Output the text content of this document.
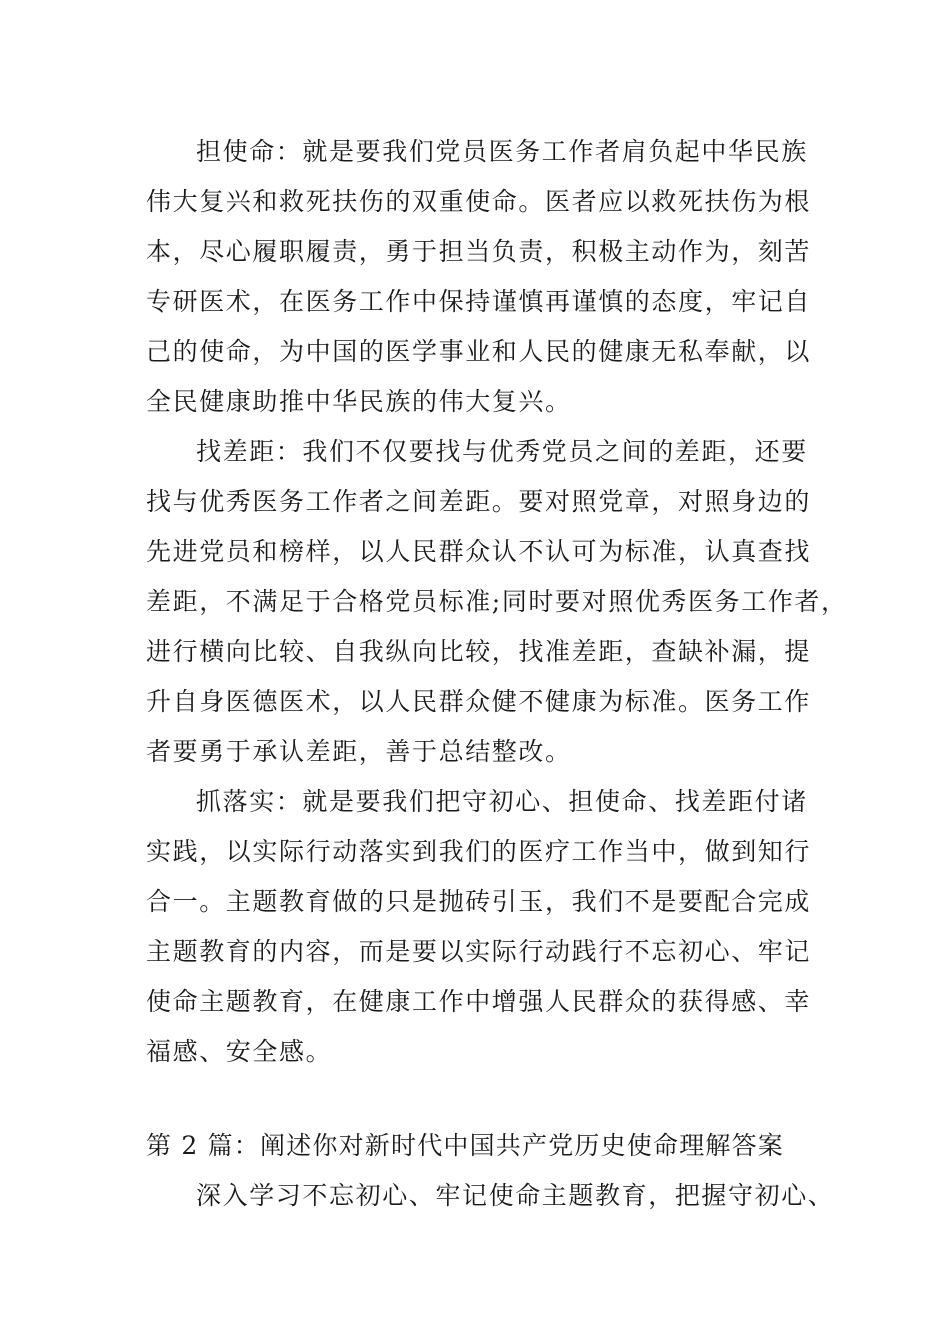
担使命：就是要我们党员医务工作者肩负起中华民族
伟大复兴和救死扶伤的双重使命。医者应以救死扶伤为根
本，尽心履职履责，勇于担当负责，积极主动作为，刻苦
专研医术，在医务工作中保持谨慎再谨慎的态度，牢记自
己的使命，为中国的医学事业和人民的健康无私奉献，以
全民健康助推中华民族的伟大复兴。
找差距：我们不仅要找与优秀党员之间的差距，还要
找与优秀医务工作者之间差距。要对照党章，对照身边的
先进党员和榜样，以人民群众认不认可为标准，认真查找
差距，不满足于合格党员标准;同时要对照优秀医务工作者，
进行横向比较、自我纵向比较，找准差距，查缺补漏，提
升自身医德医术，以人民群众健不健康为标准。医务工作
者要勇于承认差距，善于总结整改。
抓落实：就是要我们把守初心、担使命、找差距付诸
实践，以实际行动落实到我们的医疗工作当中，做到知行
合一。主题教育做的只是抛砖引玉，我们不是要配合完成
主题教育的内容，而是要以实际行动践行不忘初心、牢记
使命主题教育，在健康工作中增强人民群众的获得感、幸
福感、安全感。
第 2 篇：阐述你对新时代中国共产党历史使命理解答案
深入学习不忘初心、牢记使命主题教育，把握守初心、
